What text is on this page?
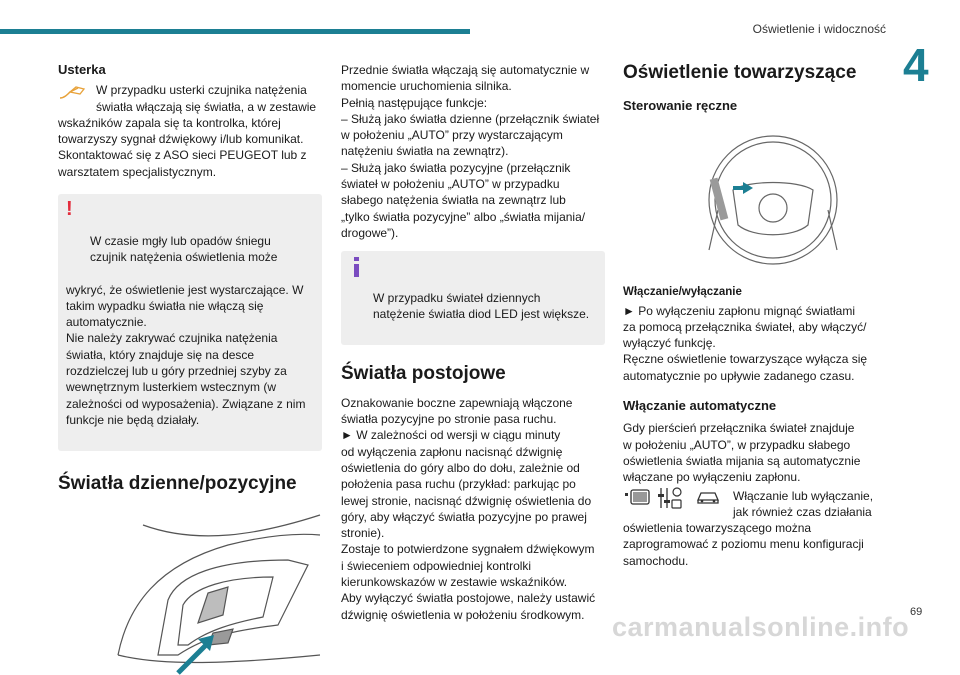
Oświetlenie i widoczność
4
69
carmanualsonline.info
Usterka
W przypadku usterki czujnika natężenia
światła włączają się światła, a w zestawie
wskaźników zapala się ta kontrolka, której
towarzyszy sygnał dźwiękowy i/lub komunikat.
Skontaktować się z ASO sieci PEUGEOT lub z
warsztatem specjalistycznym.

!

W czasie mgły lub opadów śniegu
czujnik natężenia oświetlenia może

wykryć, że oświetlenie jest wystarczające. W
takim wypadku światła nie włączą się
automatycznie.
Nie należy zakrywać czujnika natężenia
światła, który znajduje się na desce
rozdzielczej lub u góry przedniej szyby za
wewnętrznym lusterkiem wstecznym (w
zależności od wyposażenia). Związane z nim
funkcje nie będą działały.

Światła dzienne/pozycyjne
Przednie światła włączają się automatycznie w
momencie uruchomienia silnika.
Pełnią następujące funkcje:
– Służą jako światła dzienne (przełącznik świateł
w położeniu „AUTO” przy wystarczającym
natężeniu światła na zewnątrz).
– Służą jako światła pozycyjne (przełącznik
świateł w położeniu „AUTO” w przypadku
słabego natężenia światła na zewnątrz lub
„tylko światła pozycyjne” albo „światła mijania/
drogowe”).

W przypadku świateł dziennych
natężenie światła diod LED jest większe.

Światła postojowe
Oznakowanie boczne zapewniają włączone
światła pozycyjne po stronie pasa ruchu.
► W zależności od wersji w ciągu minuty
od wyłączenia zapłonu nacisnąć dźwignię
oświetlenia do góry albo do dołu, zależnie od
położenia pasa ruchu (przykład: parkując po
lewej stronie, nacisnąć dźwignię oświetlenia do
góry, aby włączyć światła pozycyjne po prawej
stronie).
Zostaje to potwierdzone sygnałem dźwiękowym
i świeceniem odpowiedniej kontrolki
kierunkowskazów w zestawie wskaźników.
Aby wyłączyć światła postojowe, należy ustawić
dźwignię oświetlenia w położeniu środkowym.
Oświetlenie towarzyszące
Sterowanie ręczne
Włączanie/wyłączanie
► Po wyłączeniu zapłonu mignąć światłami
za pomocą przełącznika świateł, aby włączyć/
wyłączyć funkcję.
Ręczne oświetlenie towarzyszące wyłącza się
automatycznie po upływie zadanego czasu.
Włączanie automatyczne
Gdy pierścień przełącznika świateł znajduje
w położeniu „AUTO”, w przypadku słabego
oświetlenia światła mijania są automatycznie
włączane po wyłączeniu zapłonu.
Włączanie lub wyłączanie,
jak również czas działania
oświetlenia towarzyszącego można
zaprogramować z poziomu menu konfiguracji
samochodu.
